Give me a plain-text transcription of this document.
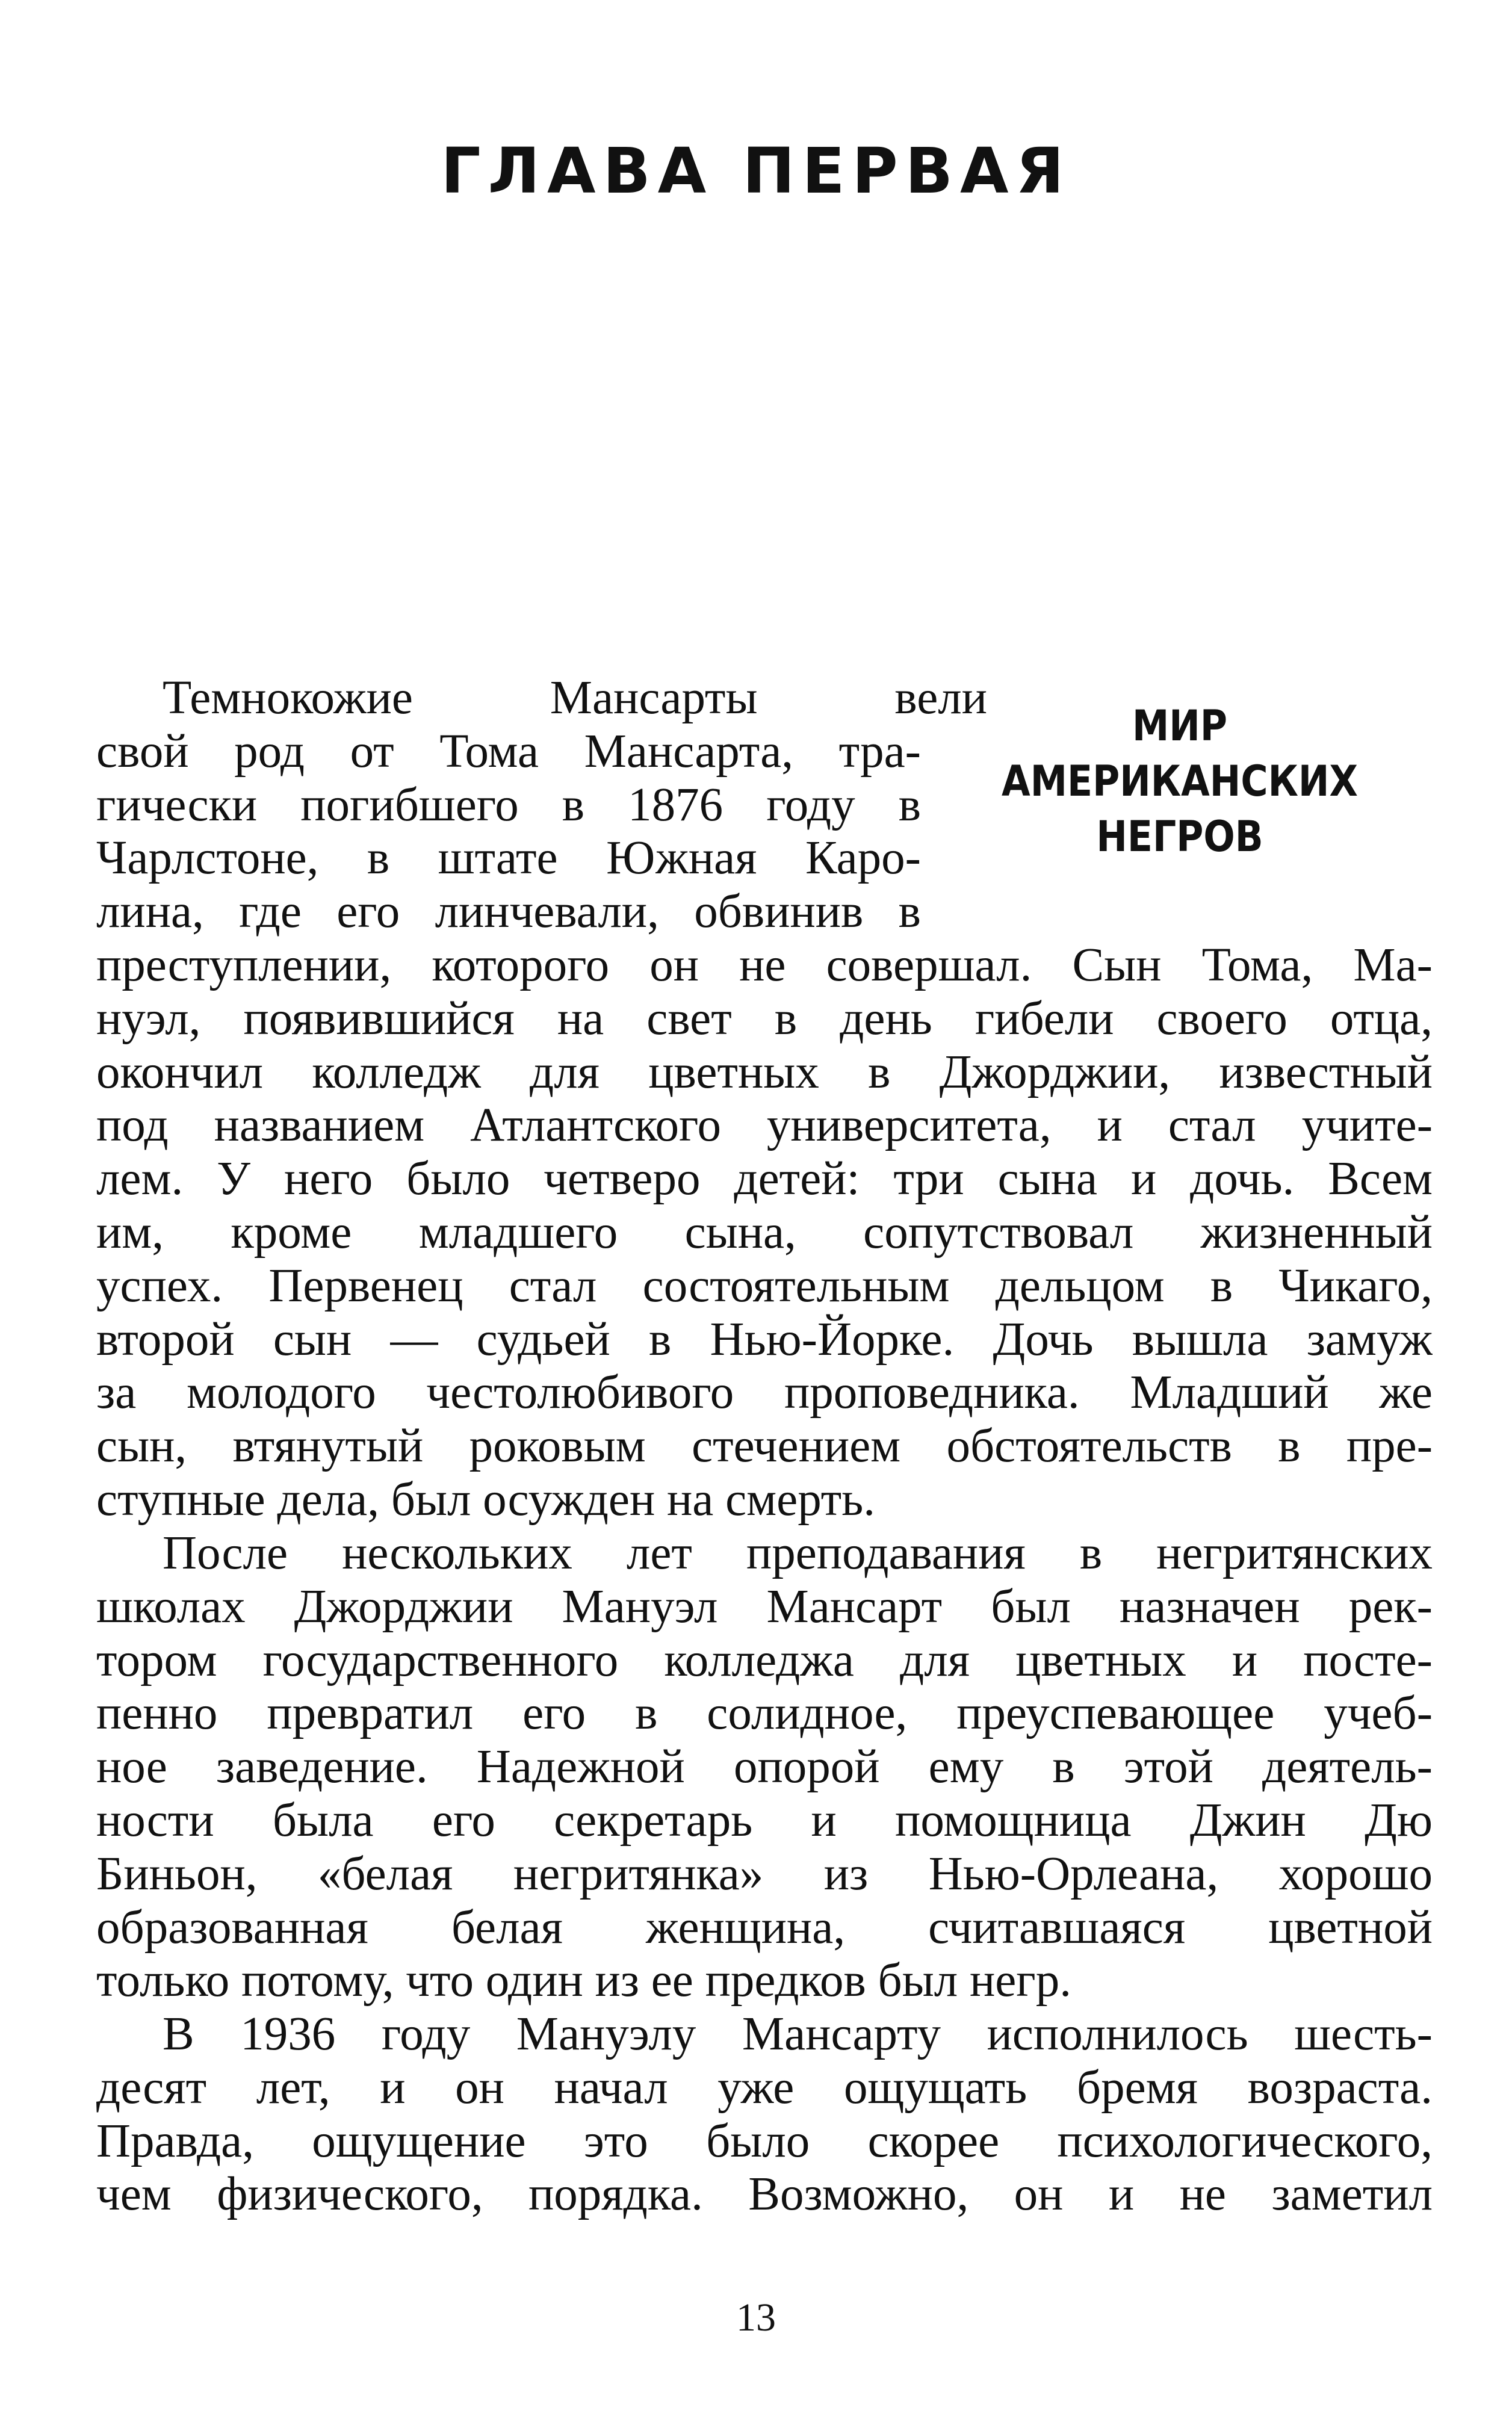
ГЛАВА ПЕРВАЯ
МИР
АМЕРИКАНСКИХ
НЕГРОВ
Темнокожие Мансарты вели
свой род от Тома Мансарта, тра-
гически погибшего в 1876 году в
Чарлстоне, в штате Южная Каро-
лина, где его линчевали, обвинив в
преступлении, которого он не совершал. Сын Тома, Ма-
нуэл, появившийся на свет в день гибели своего отца,
окончил колледж для цветных в Джорджии, известный
под названием Атлантского университета, и стал учите-
лем. У него было четверо детей: три сына и дочь. Всем
им, кроме младшего сына, сопутствовал жизненный
успех. Первенец стал состоятельным дельцом в Чикаго,
второй сын — судьей в Нью-Йорке. Дочь вышла замуж
за молодого честолюбивого проповедника. Младший же
сын, втянутый роковым стечением обстоятельств в пре-
ступные дела, был осужден на смерть.
После нескольких лет преподавания в негритянских
школах Джорджии Мануэл Мансарт был назначен рек-
тором государственного колледжа для цветных и посте-
пенно превратил его в солидное, преуспевающее учеб-
ное заведение. Надежной опорой ему в этой деятель-
ности была его секретарь и помощница Джин Дю
Биньон, «белая негритянка» из Нью-Орлеана, хорошо
образованная белая женщина, считавшаяся цветной
только потому, что один из ее предков был негр.
В 1936 году Мануэлу Мансарту исполнилось шесть-
десят лет, и он начал уже ощущать бремя возраста.
Правда, ощущение это было скорее психологического,
чем физического, порядка. Возможно, он и не заметил
13
